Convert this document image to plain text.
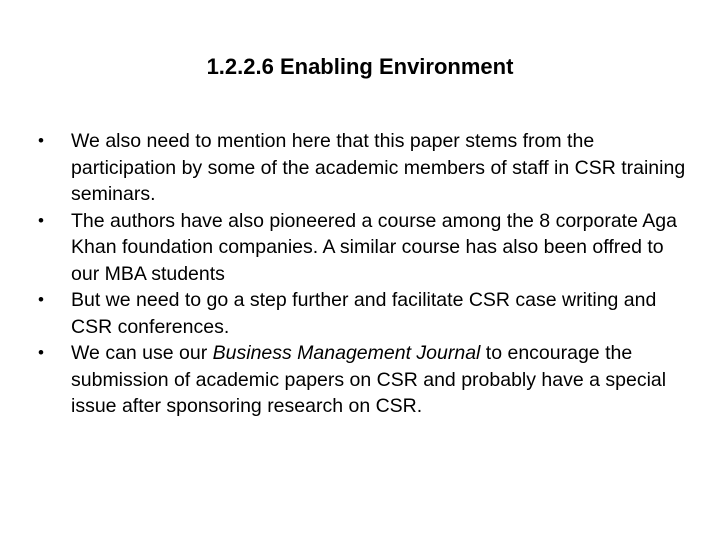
1.2.2.6 Enabling Environment
• We also need to mention here that this paper stems from the participation by some of the academic members of staff in CSR training seminars.
• The authors have also pioneered a course among the 8 corporate Aga Khan foundation companies. A similar course has also been offred to our MBA students
• But we need to go a step further and facilitate CSR case writing and CSR conferences.
• We can use our Business Management Journal to encourage the submission of academic papers on CSR and probably have a special issue after sponsoring research on CSR.
